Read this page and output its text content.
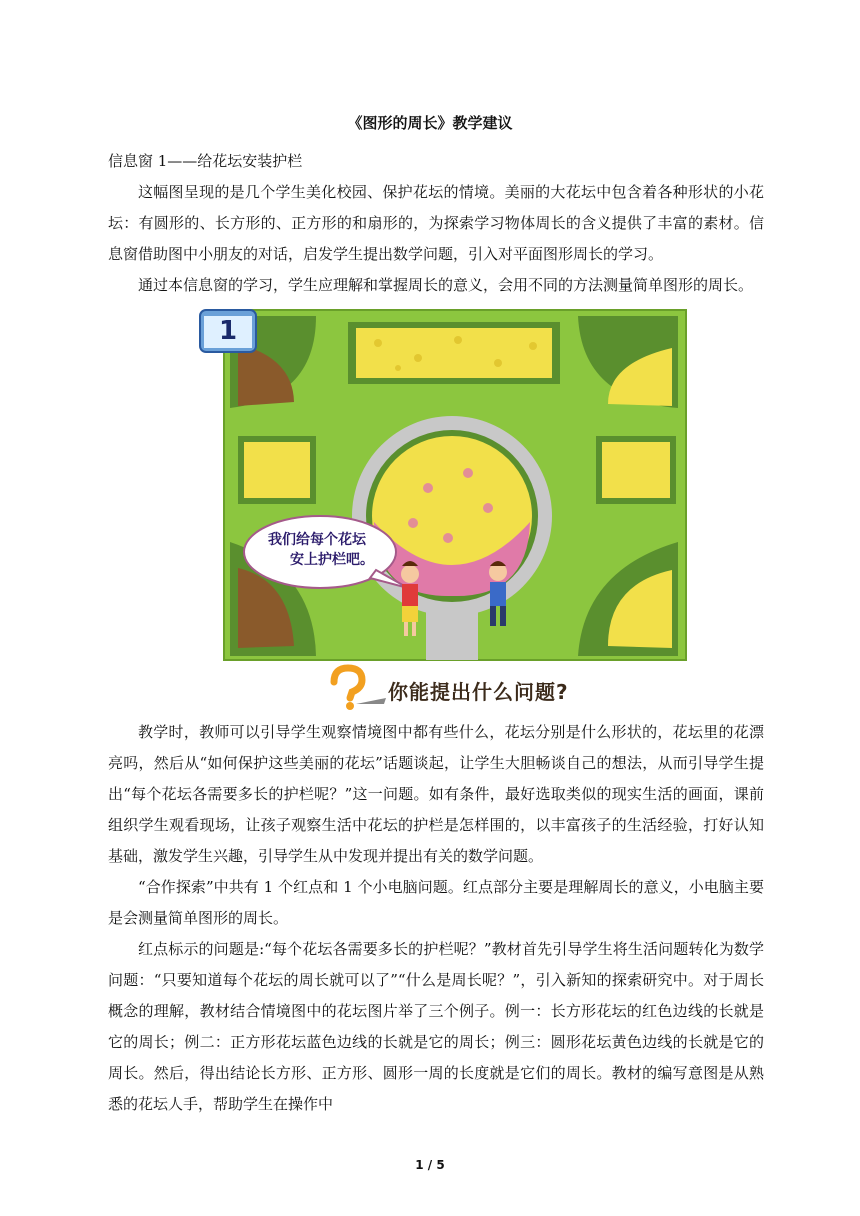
《图形的周长》教学建议
信息窗 1——给花坛安装护栏
这幅图呈现的是几个学生美化校园、保护花坛的情境。美丽的大花坛中包含着各种形状的小花坛：有圆形的、长方形的、正方形的和扇形的，为探索学习物体周长的含义提供了丰富的素材。信息窗借助图中小朋友的对话，启发学生提出数学问题，引入对平面图形周长的学习。
通过本信息窗的学习，学生应理解和掌握周长的意义，会用不同的方法测量简单图形的周长。
1
我们给每个花坛
安上护栏吧。
你能提出什么问题?
教学时，教师可以引导学生观察情境图中都有些什么，花坛分别是什么形状的，花坛里的花漂亮吗，然后从“如何保护这些美丽的花坛”话题谈起，让学生大胆畅谈自己的想法，从而引导学生提出“每个花坛各需要多长的护栏呢？”这一问题。如有条件，最好选取类似的现实生活的画面，课前组织学生观看现场，让孩子观察生活中花坛的护栏是怎样围的，以丰富孩子的生活经验，打好认知基础，激发学生兴趣，引导学生从中发现并提出有关的数学问题。
“合作探索”中共有 1 个红点和 1 个小电脑问题。红点部分主要是理解周长的意义，小电脑主要是会测量简单图形的周长。
红点标示的问题是:“每个花坛各需要多长的护栏呢？”教材首先引导学生将生活问题转化为数学问题：“只要知道每个花坛的周长就可以了”“什么是周长呢？”，引入新知的探索研究中。对于周长概念的理解，教材结合情境图中的花坛图片举了三个例子。例一：长方形花坛的红色边线的长就是它的周长；例二：正方形花坛蓝色边线的长就是它的周长；例三：圆形花坛黄色边线的长就是它的周长。然后，得出结论长方形、正方形、圆形一周的长度就是它们的周长。教材的编写意图是从熟悉的花坛人手，帮助学生在操作中
1 / 5
